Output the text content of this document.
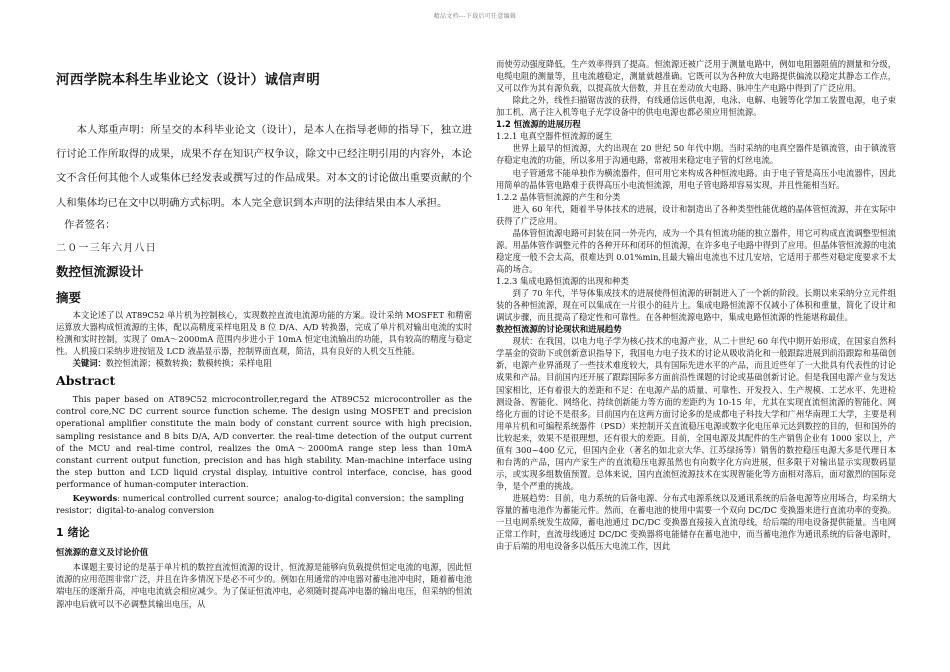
精品文档---下载后可任意编辑

河西学院本科生毕业论文（设计）诚信声明

本人郑重声明：所呈交的本科毕业论文（设计），是本人在指导老师的指导下，独立进行讨论工作所取得的成果，成果不存在知识产权争议，除文中已经注明引用的内容外，本论文不含任何其他个人或集体已经发表或撰写过的作品成果。对本文的讨论做出重要贡献的个人和集体均已在文中以明确方式标明。本人完全意识到本声明的法律结果由本人承担。

作者签名：

二０一三年六月八日

数控恒流源设计

摘要

本文论述了以 AT89C52 单片机为控制核心，实现数控直流电流源功能的方案。设计采纳 MOSFET 和精密运算放大器构成恒流源的主体，配以高精度采样电阻及 8 位 D/A、A/D 转换器，完成了单片机对输出电流的实时检测和实时控制，实现了 0mA～2000mA 范围内步进小于 10mA 恒定电流输出的功能，具有较高的精度与稳定性。人机接口采纳步进按钮及 LCD 液晶显示器，控制界面直观，简洁，具有良好的人机交互性能。

关键词：数控恒流源；模数转换；数模转换；采样电阻

Abstract

This paper based on AT89C52 microcontroller,regard the AT89C52 microcontroller as the control core,NC DC current source function scheme. The design using MOSFET and precision operational amplifier constitute the main body of constant current source with high precision, sampling resistance and 8 bits D/A, A/D converter. the real-time detection of the output current of the MCU and real-time control, realizes the 0mA～2000mA range step less than 10mA constant current output function, precision and has high stability. Man-machine interface using the step button and LCD liquid crystal display, intuitive control interface, concise, has good performance of human-computer interaction.

Keywords: numerical controlled current source；analog-to-digital conversion；the sampling resistor；digital-to-analog conversion

1 绪论

恒流源的意义及讨论价值

本课题主要讨论的是基于单片机的数控直流恒流源的设计，恒流源是能够向负载提供恒定电流的电源，因此恒流源的应用范围非常广泛，并且在许多情况下是必不可少的。例如在用通常的冲电器对蓄电池冲电时，随着蓄电池端电压的逐渐升高，冲电电流就会相应减少。为了保证恒流冲电，必须随时提高冲电器的输出电压，但采纳的恒流源冲电后就可以不必调整其输出电压，从

而使劳动强度降低，生产效率得到了提高。恒流源还被广泛用于测量电路中，例如电阻器阻值的测量和分级，电缆电阻的测量等，且电流越稳定，测量就越准确。它既可以为各种放大电路提供偏流以稳定其静态工作点，又可以作为其有源负载，以提高放大倍数，并且在差动放大电路、脉冲生产电路中得到了广泛应用。

除此之外，线性扫描锯齿波的获得，有线通信远供电源，电泳、电解、电镀等化学加工装置电源，电子束加工机、离子注入机等电子光学设备中的供电电源也都必须应用恒流源。

1.2 恒流源的进展历程

1.2.1 电真空器件恒流源的诞生

世界上最早的恒流源，大约出现在 20 世纪 50 年代中期。当时采纳的电真空器件是镇流管，由于镇流管存稳定电流的功能，所以多用于沟通电路，常被用来稳定电子管的灯丝电流。

电子管通常不能单独作为横流器件，但可用它来构成各种恒流电路。由于电子管是高压小电流器件，因此用简单的晶体管电路难于获得高压小电流恒流源，用电子管电路却容易实现，并且性能相当好。

1.2.2 晶体管恒流源的产生和分类

进入 60 年代，随着半导体技术的进展，设计和制造出了各种类型性能优越的晶体管恒流源，并在实际中获得了广泛应用。

晶体管恒流源电路可封装在同一外壳内，成为一个具有恒流功能的独立器件，用它可构成直流调整型恒流源。用晶体管作调整元件的各种开环和闭环的恒流源，在许多电子电路中得到了应用。但晶体管恒流源的电流稳定度一般不会太高，很难达到 0.01%min,且最大输出电流也不过几安培，它适用于那些对稳定度要求不太高的场合。

1.2.3 集成电路恒流源的出现和种类

到了 70 年代，半导体集成技术的进展使得恒流源的研制进入了一个新的阶段。长期以来采纳分立元件组装的各种恒流源，现在可以集成在一片很小的硅片上。集成电路恒流源不仅减小了体积和重量，简化了设计和调试步骤，而且提高了稳定性和可靠性。在各种恒流源电路中，集成电路恒流源的性能堪称最佳。

数控恒流源的讨论现状和进展趋势

现状：在我国，以电力电子学为核心技术的电源产业，从二十世纪 60 年代中期开始形成，在国家自然科学基金的资助下或创新意识指导下，我国电力电子技术的讨论从吸收消化和一般跟踪进展到前沿跟踪和基础创新，电源产业界涌现了一些技术难度较大，具有国际先进水平的产品，而且近些年了一大批具有代表性的讨论成果和产品。目前国内还开展了跟踪国际多方面前沿性课题的讨论或基础创新讨论。但是我国电源产业与发达国家相比，还有着很大的差距和不足：在电源产品的质量、可靠性、开发投入、生产规模、工艺水平、先进检测设备、智能化、网络化、持续创新能力等方面的差距约为 10-15 年，尤其在实现直流恒流源的智能化、网络化方面的讨论不是很多。目前国内在这两方面讨论多的是成都电子科技大学和广州华南理工大学，主要是利用单片机和可编程系统器件（PSD）来控制开关直流稳压电源或数字化电压单元达到数控的目的，但和国外的比较起来，效果不是很理想，还有很大的差距。目前，全国电源及其配件的生产销售企业有 1000 家以上，产值有 300~400 亿元，但国内企业（著名的如北京大华、江苏绿扬等）销售的数控稳压电源大多是代理日本和台湾的产品，国内产家生产的直流稳压电源虽然也有向数字化方向进展，但多限于对输出显示实现数码显示，或实现多组数值预置。总体来说，国内直流恒流源技术在实现智能化等方面相对落后，面对激烈的国际竞争，是个严重的挑战。

进展趋势：目前，电力系统的后备电源、分布式电源系统以及通讯系统的后备电源等应用场合，均采纳大容量的蓄电池作为蓄能元件。然而，在蓄电池的使用中需要一个双向 DC/DC 变换器来进行直流功率的变换。一旦电网系统发生故障，蓄电池通过 DC/DC 变换器直接接入直流母线，给后端的用电设备提供能量。当电网正常工作时，直流母线通过 DC/DC 变换器将电能储存在蓄电池中，而当蓄电池作为通讯系统的后备电源时，由于后端的用电设备多以低压大电流工作，因此
